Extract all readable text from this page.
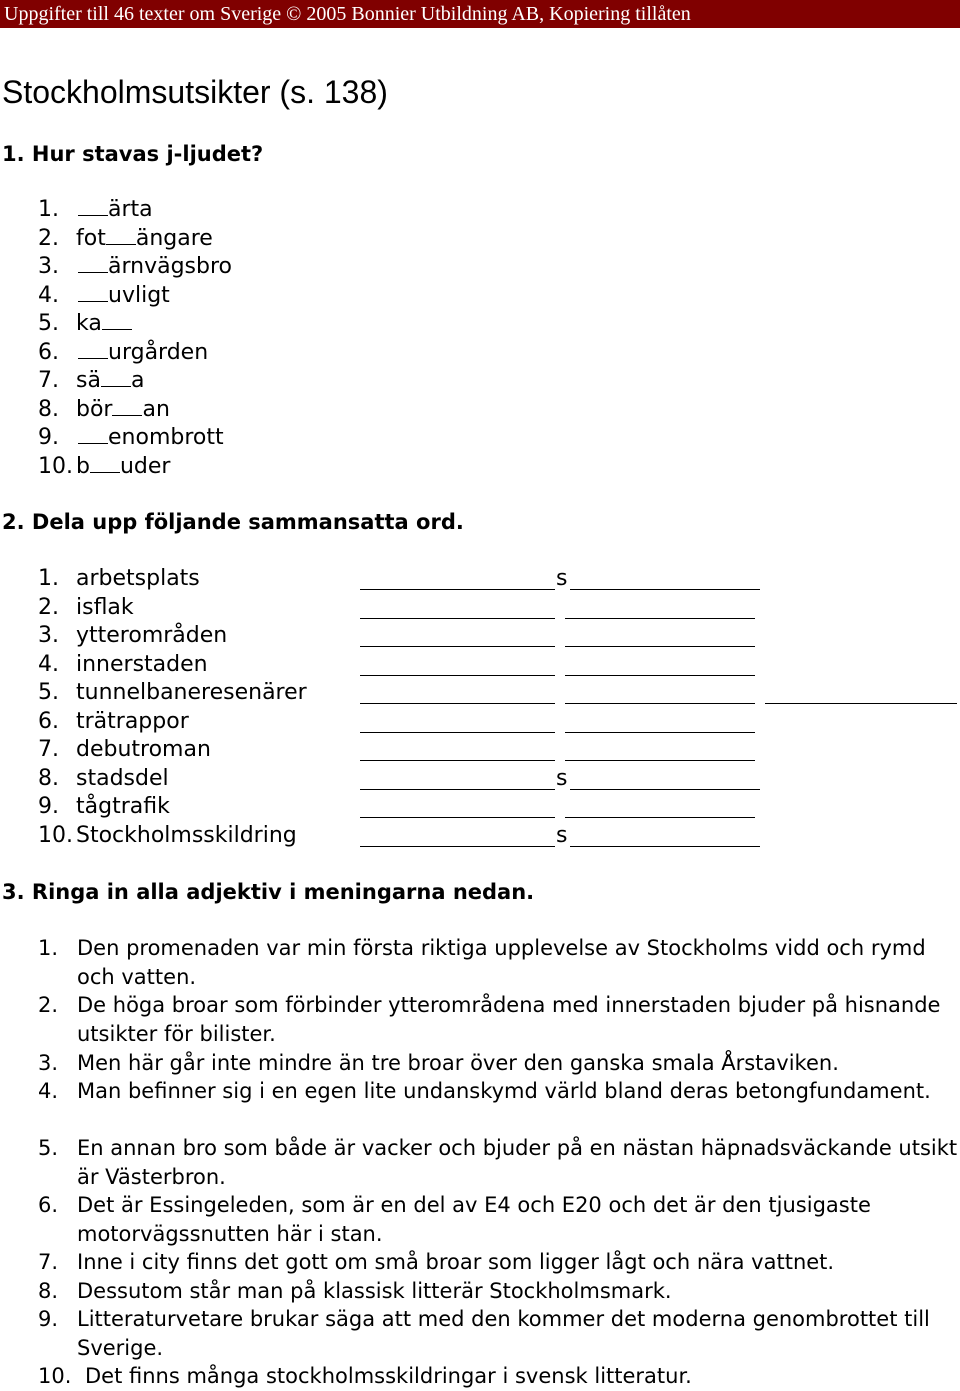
Uppgifter till 46 texter om Sverige © 2005 Bonnier Utbildning AB, Kopiering tillåten
Stockholmsutsikter (s. 138)
1. Hur stavas j-ljudet?
1. ärta
2. fot ängare
3. ärnvägsbro
4. uvligt
5. ka
6. urgården
7. sä a
8. bör an
9. enombrott
10. b uder
2. Dela upp följande sammansatta ord.
1. arbetsplats	s
2. isflak
3. ytterområden
4. innerstaden
5. tunnelbaneresenärer
6. trätrappor
7. debutroman
8. stadsdel	s
9. tågtrafik
10. Stockholmsskildring	s
3. Ringa in alla adjektiv i meningarna nedan.
1. Den promenaden var min första riktiga upplevelse av Stockholms vidd och rymd och vatten.
2. De höga broar som förbinder ytterområdena med innerstaden bjuder på hisnande utsikter för bilister.
3. Men här går inte mindre än tre broar över den ganska smala Årstaviken.
4. Man befinner sig i en egen lite undanskymd värld bland deras betongfundament.
5. En annan bro som både är vacker och bjuder på en nästan häpnadsväckande utsikt är Västerbron.
6. Det är Essingeleden, som är en del av E4 och E20 och det är den tjusigaste motorvägssnutten här i stan.
7. Inne i city finns det gott om små broar som ligger lågt och nära vattnet.
8. Dessutom står man på klassisk litterär Stockholmsmark.
9. Litteraturvetare brukar säga att med den kommer det moderna genombrottet till Sverige.
10. Det finns många stockholmsskildringar i svensk litteratur.
